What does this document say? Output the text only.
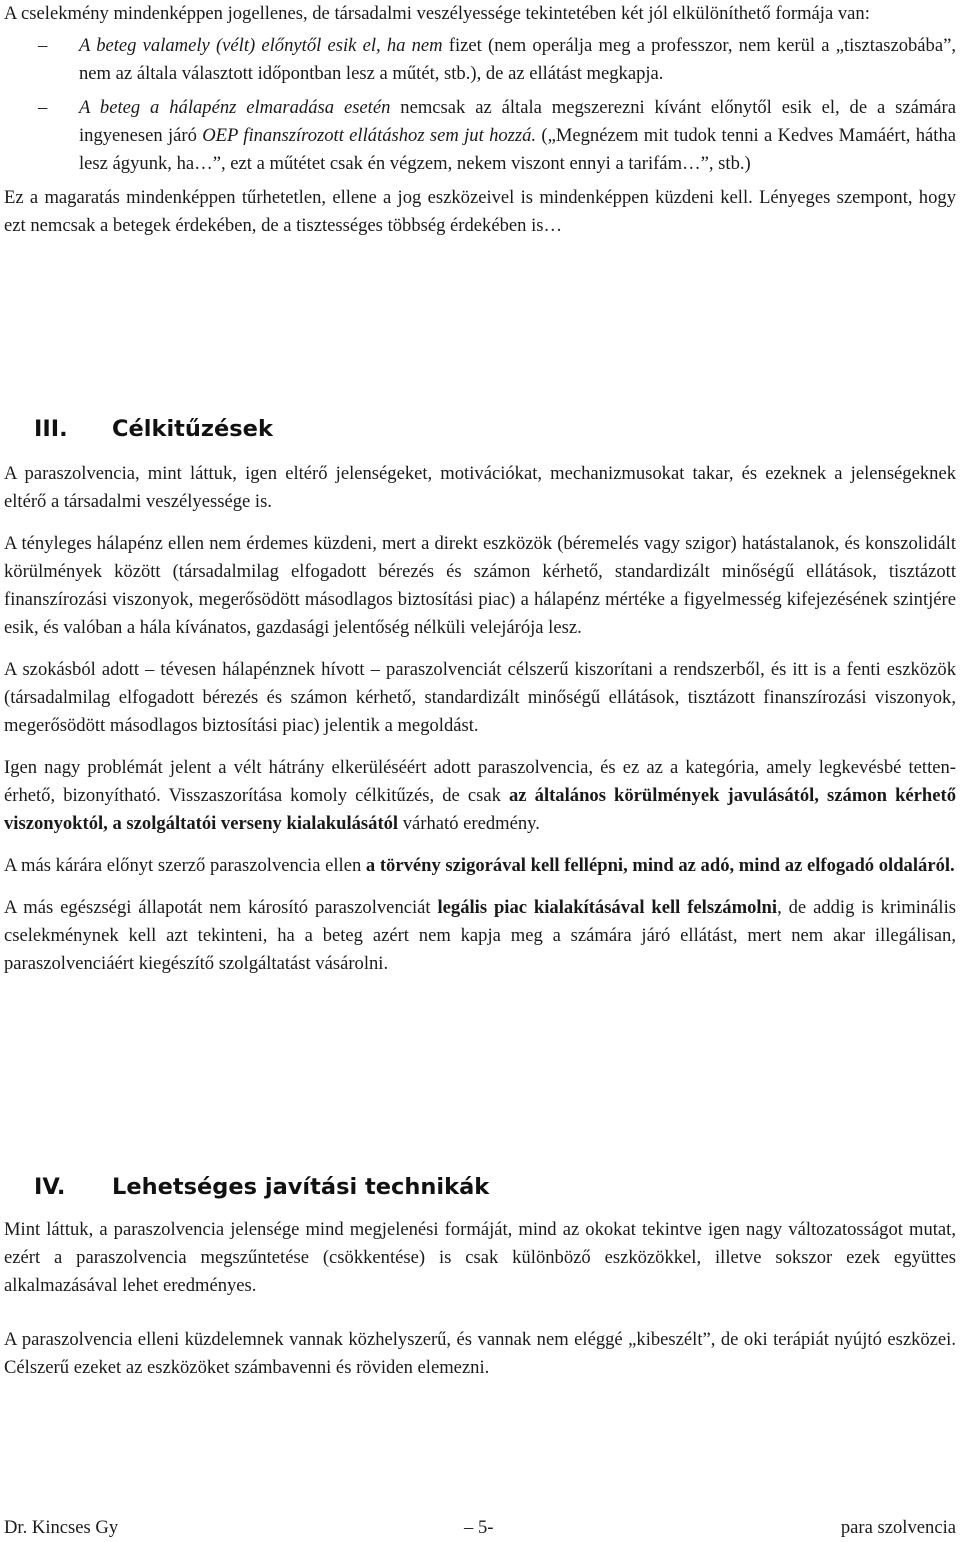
A cselekmény mindenképpen jogellenes, de társadalmi veszélyessége tekintetében két jól elkülöníthető formája van:

– A beteg valamely (vélt) előnytől esik el, ha nem fizet (nem operálja meg a professzor, nem kerül a „tisztaszobába”, nem az általa választott időpontban lesz a műtét, stb.), de az ellátást megkapja.
– A beteg a hálapénz elmaradása esetén nemcsak az általa megszerezni kívánt előnytől esik el, de a számára ingyenesen járó OEP finanszírozott ellátáshoz sem jut hozzá. („Megnézem mit tudok tenni a Kedves Mamáért, hátha lesz ágyunk, ha…”, ezt a műtétet csak én végzem, nekem viszont ennyi a tarifám…”, stb.)

Ez a magaratás mindenképpen tűrhetetlen, ellene a jog eszközeivel is mindenképpen küzdeni kell. Lényeges szempont, hogy ezt nemcsak a betegek érdekében, de a tisztességes többség érdekében is…

III. Célkitűzések

A paraszolvencia, mint láttuk, igen eltérő jelenségeket, motivációkat, mechanizmusokat takar, és ezeknek a jelenségeknek eltérő a társadalmi veszélyessége is.

A tényleges hálapénz ellen nem érdemes küzdeni, mert a direkt eszközök (béremelés vagy szigor) hatástalanok, és konszolidált körülmények között (társadalmilag elfogadott bérezés és számon kérhető, standardizált minőségű ellátások, tisztázott finanszírozási viszonyok, megerősödött másodlagos biztosítási piac) a hálapénz mértéke a figyelmesség kifejezésének szintjére esik, és valóban a hála kívánatos, gazdasági jelentőség nélküli velejárója lesz.

A szokásból adott – tévesen hálapénznek hívott – paraszolvenciát célszerű kiszorítani a rendszerből, és itt is a fenti eszközök (társadalmilag elfogadott bérezés és számon kérhető, standardizált minőségű ellátások, tisztázott finanszírozási viszonyok, megerősödött másodlagos biztosítási piac) jelentik a megoldást.

Igen nagy problémát jelent a vélt hátrány elkerüléséért adott paraszolvencia, és ez az a kategória, amely legkevésbé tetten-érhető, bizonyítható. Visszaszorítása komoly célkitűzés, de csak az általános körülmények javulásától, számon kérhető viszonyoktól, a szolgáltatói verseny kialakulásától várható eredmény.

A más kárára előnyt szerző paraszolvencia ellen a törvény szigorával kell fellépni, mind az adó, mind az elfogadó oldaláról.

A más egészségi állapotát nem károsító paraszolvenciát legális piac kialakításával kell felszámolni, de addig is kriminális cselekménynek kell azt tekinteni, ha a beteg azért nem kapja meg a számára járó ellátást, mert nem akar illegálisan, paraszolvenciáért kiegészítő szolgáltatást vásárolni.

IV. Lehetséges javítási technikák

Mint láttuk, a paraszolvencia jelensége mind megjelenési formáját, mind az okokat tekintve igen nagy változatosságot mutat, ezért a paraszolvencia megszűntetése (csökkentése) is csak különböző eszközökkel, illetve sokszor ezek együttes alkalmazásával lehet eredményes.

A paraszolvencia elleni küzdelemnek vannak közhelyszerű, és vannak nem eléggé „kibeszélt”, de oki terápiát nyújtó eszközei. Célszerű ezeket az eszközöket számbavenni és röviden elemezni.

Dr. Kincses Gy	– 5-	para szolvencia
